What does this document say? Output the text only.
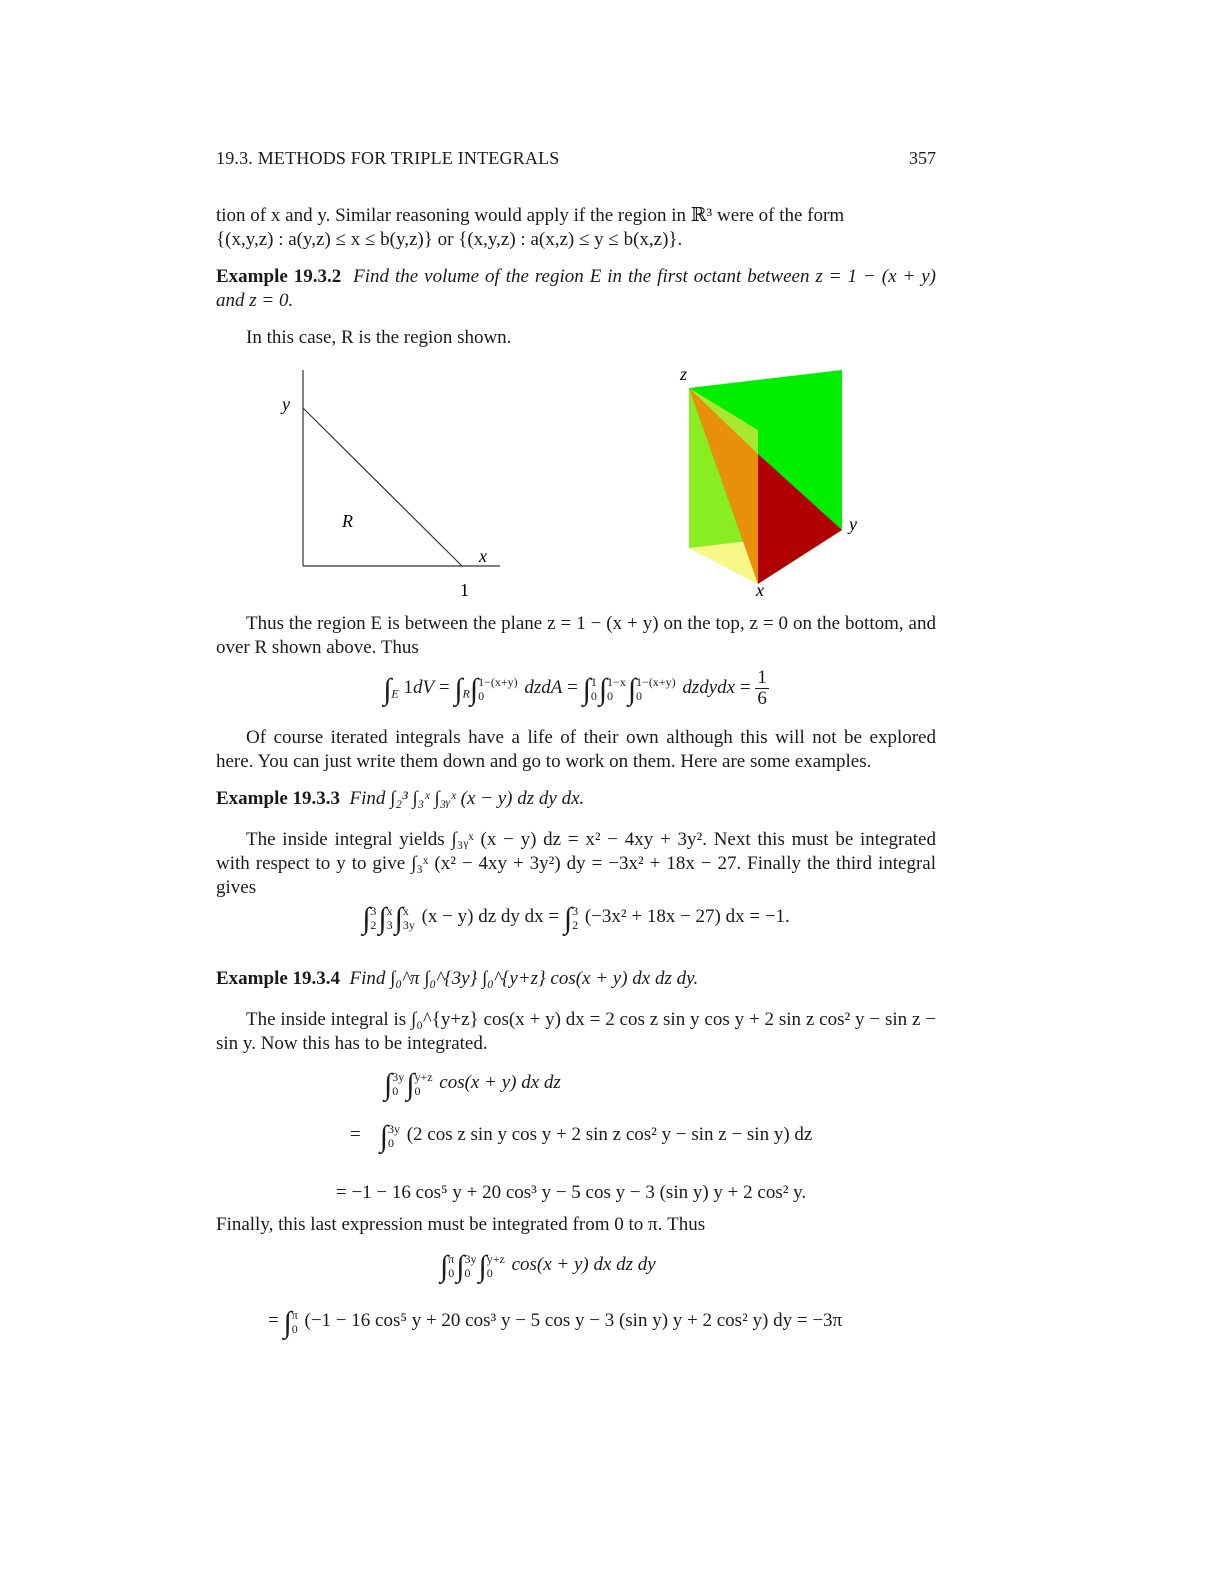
19.3. METHODS FOR TRIPLE INTEGRALS	357
tion of x and y. Similar reasoning would apply if the region in ℝ³ were of the form
{(x,y,z) : a(y,z) ≤ x ≤ b(y,z)} or {(x,y,z) : a(x,z) ≤ y ≤ b(x,z)}.
Example 19.3.2 Find the volume of the region E in the first octant between z = 1 − (x + y) and z = 0.
In this case, R is the region shown.
y
R
x
1
z
y
x
Thus the region E is between the plane z = 1 − (x + y) on the top, z = 0 on the bottom, and over R shown above. Thus
$\int_E$ $1dV = \int_R\int$ 1−(x+y)
0	dzdA = ∫ 1
0 ∫ 1−x
0 ∫ 1−(x+y)
0	dzdydx = $\frac{1}{6}$
Of course iterated integrals have a life of their own although this will not be explored here. You can just write them down and go to work on them. Here are some examples.
Example 19.3.3 Find ∫₂³ ∫₃ˣ ∫₃ᵧˣ (x − y) dz dy dx.
The inside integral yields ∫₃ᵧˣ (x − y) dz = x² − 4xy + 3y². Next this must be integrated with respect to y to give ∫₃ˣ (x² − 4xy + 3y²) dy = −3x² + 18x − 27. Finally the third integral gives
∫ 3
2 ∫ x
3 ∫ x
3y (x − y) dz dy dx = ∫ 3
2 (−3x² + 18x − 27) dx = −1.
Example 19.3.4 Find ∫₀^π ∫₀^{3y} ∫₀^{y+z} cos(x + y) dx dz dy.
The inside integral is ∫₀^{y+z} cos(x + y) dx = 2 cos z sin y cos y + 2 sin z cos² y − sin z − sin y. Now this has to be integrated.
∫ 3y
0 ∫ y+z
0 cos(x + y) dx dz
=    ∫ 3y
0 (2 cos z sin y cos y + 2 sin z cos² y − sin z − sin y) dz
= −1 − 16 cos⁵ y + 20 cos³ y − 5 cos y − 3 (sin y) y + 2 cos² y.
Finally, this last expression must be integrated from 0 to π. Thus
∫ π
0 ∫ 3y
0 ∫ y+z
0 cos(x + y) dx dz dy
= ∫ π
0 (−1 − 16 cos⁵ y + 20 cos³ y − 5 cos y − 3 (sin y) y + 2 cos² y) dy = −3π
